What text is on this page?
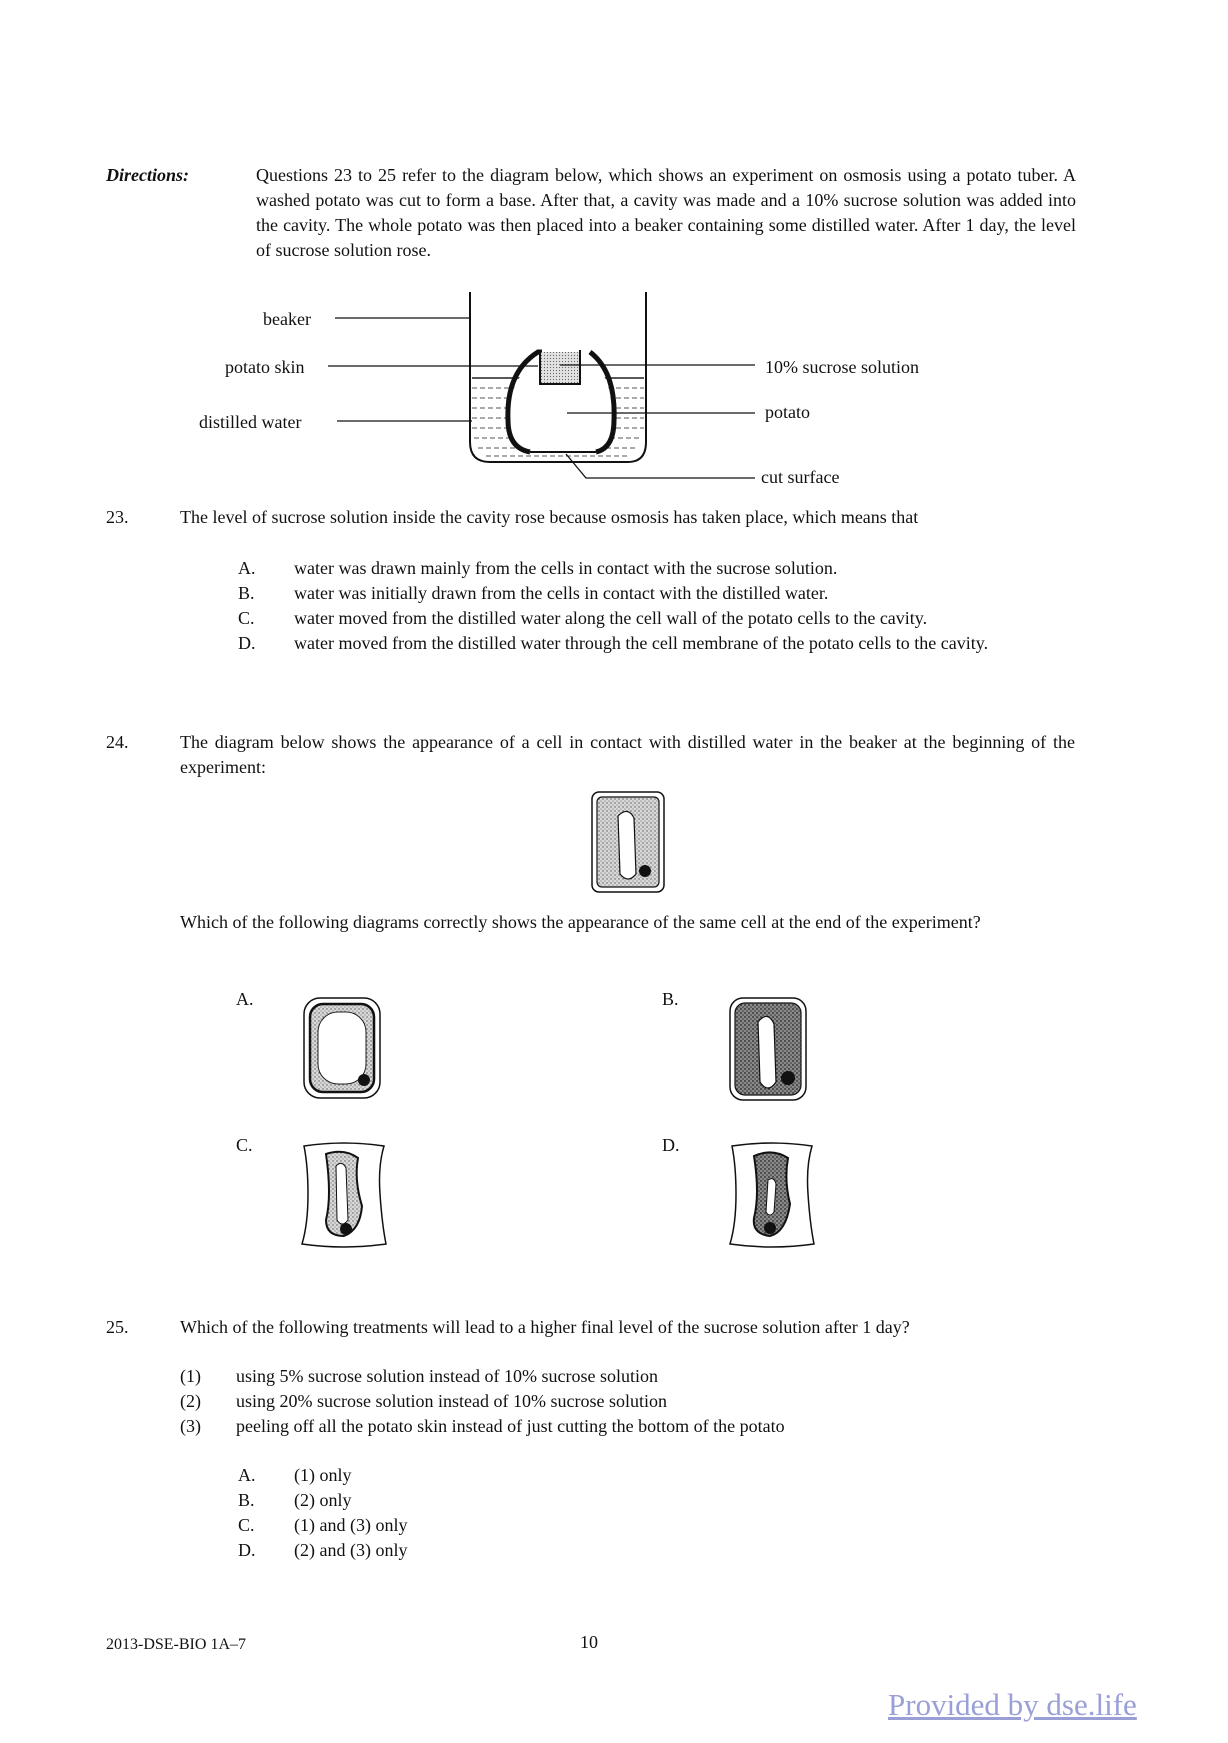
Directions:	Questions 23 to 25 refer to the diagram below, which shows an experiment on osmosis using a potato tuber. A washed potato was cut to form a base. After that, a cavity was made and a 10% sucrose solution was added into the cavity. The whole potato was then placed into a beaker containing some distilled water. After 1 day, the level of sucrose solution rose.

beaker
potato skin
distilled water
10% sucrose solution
potato
cut surface
23.	The level of sucrose solution inside the cavity rose because osmosis has taken place, which means that
A.	water was drawn mainly from the cells in contact with the sucrose solution.
B.	water was initially drawn from the cells in contact with the distilled water.
C.	water moved from the distilled water along the cell wall of the potato cells to the cavity.
D.	water moved from the distilled water through the cell membrane of the potato cells to the cavity.
24.	The diagram below shows the appearance of a cell in contact with distilled water in the beaker at the beginning of the experiment:
Which of the following diagrams correctly shows the appearance of the same cell at the end of the experiment?
A.	B.
C.	D.
25.	Which of the following treatments will lead to a higher final level of the sucrose solution after 1 day?
(1)	using 5% sucrose solution instead of 10% sucrose solution
(2)	using 20% sucrose solution instead of 10% sucrose solution
(3)	peeling off all the potato skin instead of just cutting the bottom of the potato
A.	(1) only
B.	(2) only
C.	(1) and (3) only
D.	(2) and (3) only
2013-DSE-BIO 1A–7	10
Provided by dse.life
